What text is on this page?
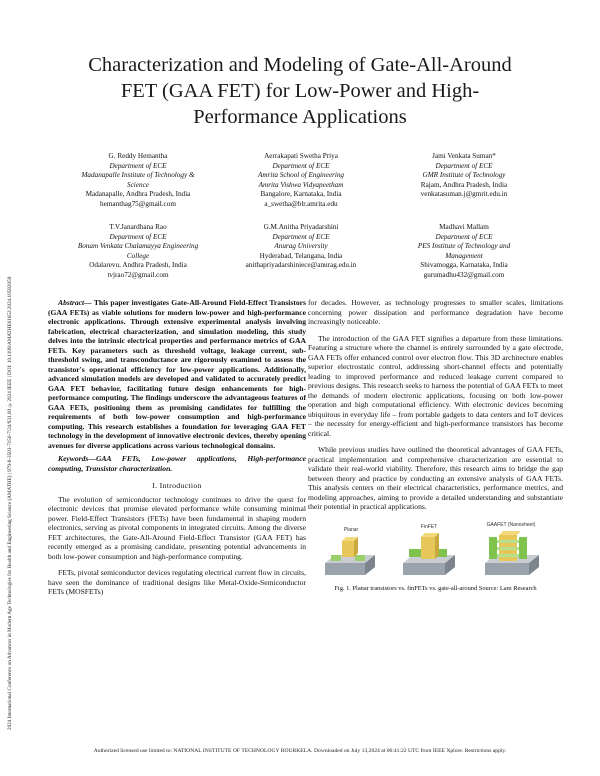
2024 International Conference on Advances in Modern Age Technologies for Health and Engineering Science (AMATHE) | 979-8-3503-7156-7/24/$31.00 ©2024 IEEE | DOI: 10.1109/AMATHE61652.2024.10582059
Characterization and Modeling of Gate-All-Around
FET (GAA FET) for Low-Power and High-
Performance Applications
G. Reddy Hemantha
Department of ECE
Madanapalle Institute of Technology &
Science
Madanapalle, Andhra Pradesh, India
hemanthag75@gmail.com
Aerrakapati Swetha Priya
Department of ECE
Amrita School of Engineering
Amrita Vishwa Vidyapeetham
Bangalore, Karnataka, India
a_swetha@blr.amrita.edu
Jami Venkata Suman*
Department of ECE
GMR Institute of Technology
Rajam, Andhra Pradesh, India
venkatasuman.j@gmrit.edu.in
T.V.Janardhana Rao
Department of ECE
Bonam Venkata Chalamayya Engineering
College
Odalarevu, Andhra Pradesh, India
tvjrao72@gmail.com
G.M.Anitha Priyadarshini
Department of ECE
Anurag University
Hyderabad, Telangana, India
anithapriyadarshiniece@anurag.edu.in
Madhavi Mallam
Department of ECE
PES Institute of Technology and
Management
Shivamogga, Karnataka, India
gurumadhu432@gmail.com

Abstract— This paper investigates Gate-All-Around Field-Effect Transistors (GAA FETs) as viable solutions for modern low-power and high-performance electronic applications. Through extensive experimental analysis involving fabrication, electrical characterization, and simulation modeling, this study delves into the intrinsic electrical properties and performance metrics of GAA FETs. Key parameters such as threshold voltage, leakage current, sub-threshold swing, and transconductance are rigorously examined to assess the transistor's operational efficiency for low-power applications. Additionally, advanced simulation models are developed and validated to accurately predict GAA FET behavior, facilitating future design enhancements for high-performance computing. The findings underscore the advantageous features of GAA FETs, positioning them as promising candidates for fulfilling the requirements of both low-power consumption and high-performance computing. This research establishes a foundation for leveraging GAA FET technology in the development of innovative electronic devices, thereby opening avenues for diverse applications across various technological domains.

Keywords—GAA FETs, Low-power applications, High-performance computing, Transistor characterization.

I. Introduction

The evolution of semiconductor technology continues to drive the quest for electronic devices that promise elevated performance while consuming minimal power. Field-Effect Transistors (FETs) have been fundamental in shaping modern electronics, serving as pivotal components in integrated circuits. Among the diverse FET architectures, the Gate-All-Around Field-Effect Transistor (GAA FET) has recently emerged as a promising candidate, presenting potential advancements in both low-power consumption and high-performance computing.

FETs, pivotal semiconductor devices regulating electrical current flow in circuits, have seen the dominance of traditional designs like Metal-Oxide-Semiconductor FETs (MOSFETs)

for decades. However, as technology progresses to smaller scales, limitations concerning power dissipation and performance degradation have become increasingly noticeable.

The introduction of the GAA FET signifies a departure from these limitations. Featuring a structure where the channel is entirely surrounded by a gate electrode, GAA FETs offer enhanced control over electron flow. This 3D architecture enables superior electrostatic control, addressing short-channel effects and potentially leading to improved performance and reduced leakage current compared to previous designs. This research seeks to harness the potential of GAA FETs to meet the demands of modern electronic applications, focusing on both low-power operation and high computational efficiency. With electronic devices becoming ubiquitous in everyday life – from portable gadgets to data centers and IoT devices – the necessity for energy-efficient and high-performance transistors has become critical.

While previous studies have outlined the theoretical advantages of GAA FETs, practical implementation and comprehensive characterization are essential to validate their real-world viability. Therefore, this research aims to bridge the gap between theory and practice by conducting an extensive analysis of GAA FETs. This analysis centers on their electrical characteristics, performance metrics, and modeling approaches, aiming to provide a detailed understanding and substantiate their potential in practical applications.

Planar	FinFET	GAAFET (Nanosheet)
Fig. 1. Planar transistors vs. finFETs vs. gate-all-around Source: Lam Research
Authorized licensed use limited to: NATIONAL INSTITUTE OF TECHNOLOGY ROURKELA. Downloaded on July 13,2024 at 06:41:22 UTC from IEEE Xplore. Restrictions apply.
